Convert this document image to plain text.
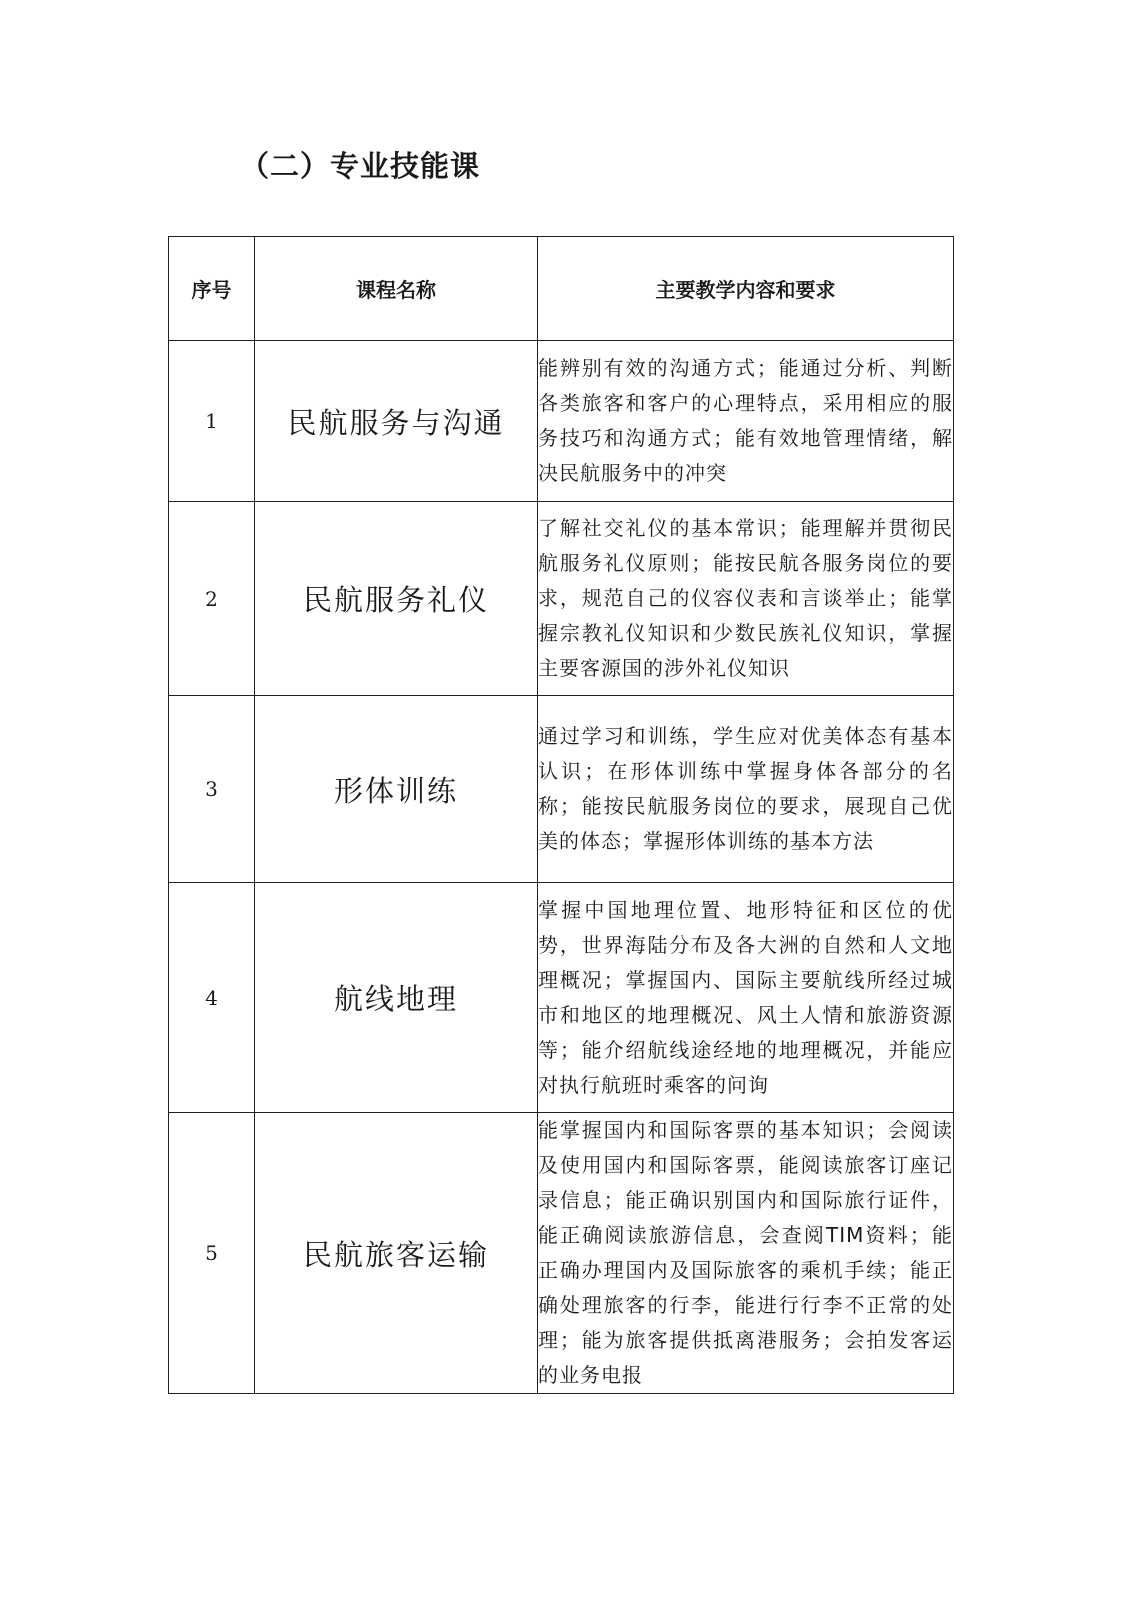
（二）专业技能课
序号	课程名称	主要教学内容和要求
1	民航服务与沟通	能辨别有效的沟通方式；能通过分析、判断各类旅客和客户的心理特点，采用相应的服务技巧和沟通方式；能有效地管理情绪，解决民航服务中的冲突
2	民航服务礼仪	了解社交礼仪的基本常识；能理解并贯彻民航服务礼仪原则；能按民航各服务岗位的要求，规范自己的仪容仪表和言谈举止；能掌握宗教礼仪知识和少数民族礼仪知识，掌握主要客源国的涉外礼仪知识
3	形体训练	通过学习和训练，学生应对优美体态有基本认识；在形体训练中掌握身体各部分的名称；能按民航服务岗位的要求，展现自己优美的体态；掌握形体训练的基本方法
4	航线地理	掌握中国地理位置、地形特征和区位的优势，世界海陆分布及各大洲的自然和人文地理概况；掌握国内、国际主要航线所经过城市和地区的地理概况、风土人情和旅游资源等；能介绍航线途经地的地理概况，并能应对执行航班时乘客的问询
5	民航旅客运输	能掌握国内和国际客票的基本知识；会阅读及使用国内和国际客票，能阅读旅客订座记录信息；能正确识别国内和国际旅行证件，能正确阅读旅游信息，会查阅TIM资料；能正确办理国内及国际旅客的乘机手续；能正确处理旅客的行李，能进行行李不正常的处理；能为旅客提供抵离港服务；会拍发客运的业务电报
